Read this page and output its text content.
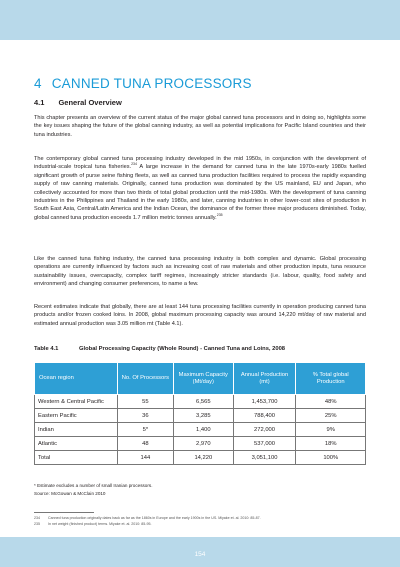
4 CANNED TUNA PROCESSORS
4.1 General Overview

This chapter presents an overview of the current status of the major global canned tuna processors and in doing so, highlights some the key issues shaping the future of the global canning industry, as well as potential implications for Pacific Island countries and their tuna industries.

The contemporary global canned tuna processing industry developed in the mid 1950s, in conjunction with the development of industrial-scale tropical tuna fisheries.$^{234}$ A large increase in the demand for canned tuna in the late 1970s-early 1980s fuelled significant growth of purse seine fishing fleets, as well as canned tuna production facilities required to process the rapidly expanding supply of raw canning materials. Originally, canned tuna production was dominated by the US mainland, EU and Japan, who collectively accounted for more than two thirds of total global production until the mid-1980s. With the development of tuna canning industries in the Philippines and Thailand in the early 1980s, and later, canning industries in other lower-cost sites of production in South East Asia, Central/Latin America and the Indian Ocean, the dominance of the former three major producers diminished. Today, global canned tuna production exceeds 1.7 million metric tonnes annually.$^{235}$

Like the canned tuna fishing industry, the canned tuna processing industry is both complex and dynamic. Global processing operations are currently influenced by factors such as increasing cost of raw materials and other production inputs, tuna resource sustainability issues, overcapacity, complex tariff regimes, increasingly stricter standards (i.e. labour, quality, food safety and environment) and changing consumer preferences, to name a few.

Recent estimates indicate that globally, there are at least 144 tuna processing facilities currently in operation producing canned tuna products and/or frozen cooked loins. In 2008, global maximum processing capacity was around 14,220 mt/day of raw material and estimated annual production was 3.05 million mt (Table 4.1).

Table 4.1	Global Processing Capacity (Whole Round) - Canned Tuna and Loins, 2008
Ocean region	No. Of Processors	Maximum Capacity (Mt/day)	Annual Production (mt)	% Total global Production
Western & Central Pacific	55	6,565	1,453,700	48%
Eastern Pacific	36	3,285	788,400	25%
Indian	5*	1,400	272,000	9%
Atlantic	48	2,970	537,000	18%
Total	144	14,220	3,051,100	100%
* Estimate excludes a number of small Iranian processors.
Source: McGowan & McClain 2010
234 Canned tuna production originally dates back as far as the 1860s in Europe and the early 1900s in the US. Miyake et. al. 2010: 85-87.
235 In net weight (finished product) terms. Miyake et. al. 2010: 85-95.
154
